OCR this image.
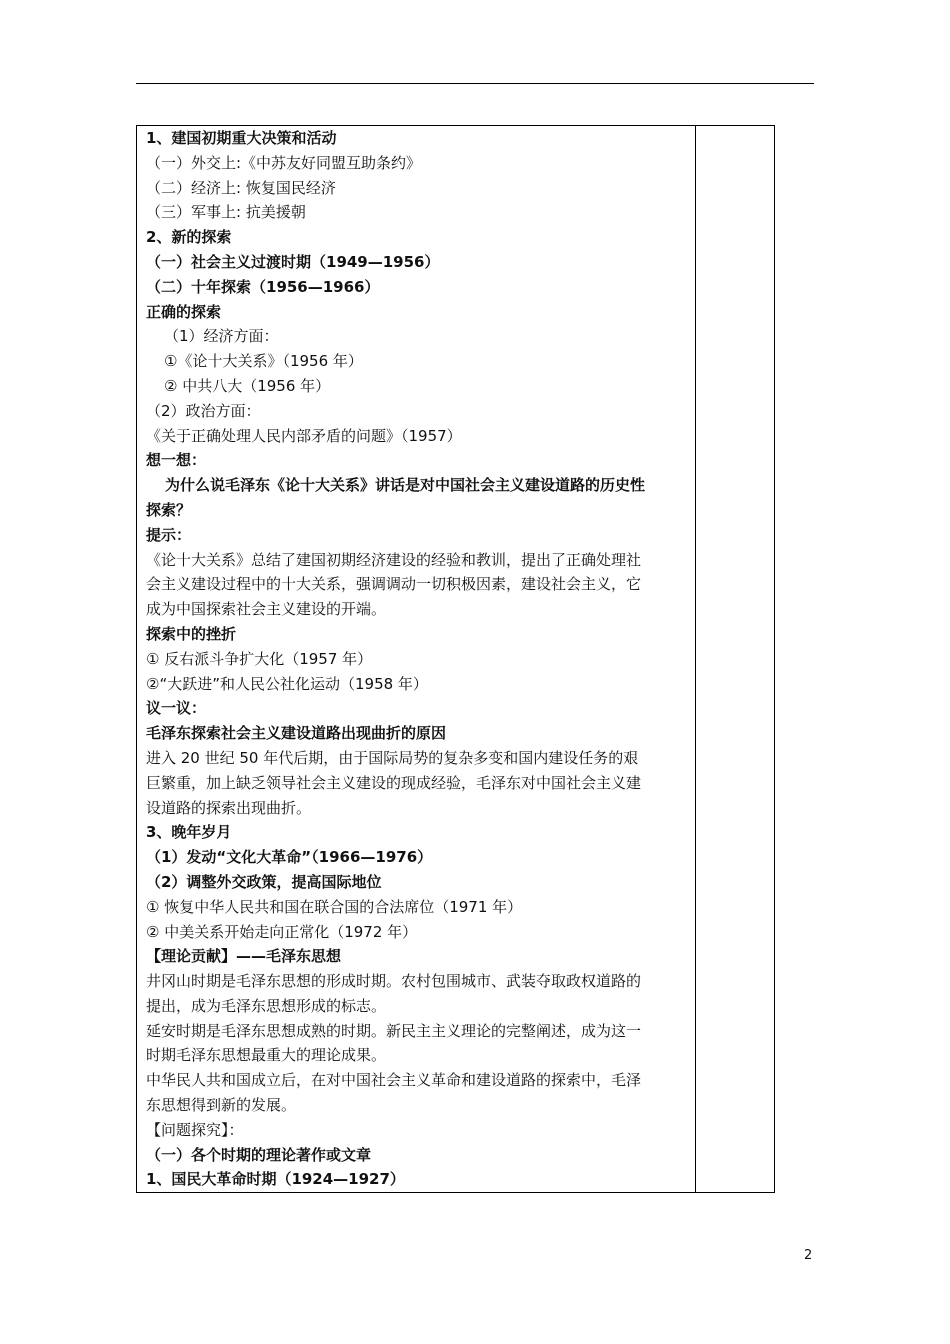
1、建国初期重大决策和活动
（一）外交上:《中苏友好同盟互助条约》
（二）经济上: 恢复国民经济
（三）军事上: 抗美援朝
2、新的探索
（一）社会主义过渡时期（1949—1956）
（二）十年探索（1956—1966）
正确的探索
（1）经济方面：
①《论十大关系》（1956 年）
② 中共八大（1956 年）
（2）政治方面：
《关于正确处理人民内部矛盾的问题》（1957）
想一想：
为什么说毛泽东《论十大关系》讲话是对中国社会主义建设道路的历史性
探索？
提示：
《论十大关系》总结了建国初期经济建设的经验和教训，提出了正确处理社
会主义建设过程中的十大关系，强调调动一切积极因素，建设社会主义，它
成为中国探索社会主义建设的开端。
探索中的挫折
① 反右派斗争扩大化（1957 年）
②“大跃进”和人民公社化运动（1958 年）
议一议：
毛泽东探索社会主义建设道路出现曲折的原因
进入 20 世纪 50 年代后期，由于国际局势的复杂多变和国内建设任务的艰
巨繁重，加上缺乏领导社会主义建设的现成经验，毛泽东对中国社会主义建
设道路的探索出现曲折。
3、晚年岁月
（1）发动“文化大革命”（1966—1976）
（2）调整外交政策，提高国际地位
① 恢复中华人民共和国在联合国的合法席位（1971 年）
② 中美关系开始走向正常化（1972 年）
【理论贡献】——毛泽东思想
井冈山时期是毛泽东思想的形成时期。农村包围城市、武装夺取政权道路的
提出，成为毛泽东思想形成的标志。
延安时期是毛泽东思想成熟的时期。新民主主义理论的完整阐述，成为这一
时期毛泽东思想最重大的理论成果。
中华民人共和国成立后，在对中国社会主义革命和建设道路的探索中，毛泽
东思想得到新的发展。
【问题探究】：
（一）各个时期的理论著作或文章
1、国民大革命时期（1924—1927）
2
